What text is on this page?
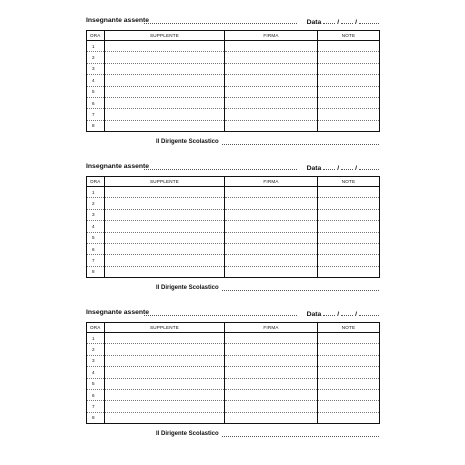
Insegnante assente	Data / /
ORA	SUPPLENTE	FIRMA	NOTE
1			
2			
3			
4			
5			
6			
7			
8			
Il Dirigente Scolastico
Insegnante assente	Data / /
ORA	SUPPLENTE	FIRMA	NOTE
1			
2			
3			
4			
5			
6			
7			
8			
Il Dirigente Scolastico
Insegnante assente	Data / /
ORA	SUPPLENTE	FIRMA	NOTE
1			
2			
3			
4			
5			
6			
7			
8			
Il Dirigente Scolastico
